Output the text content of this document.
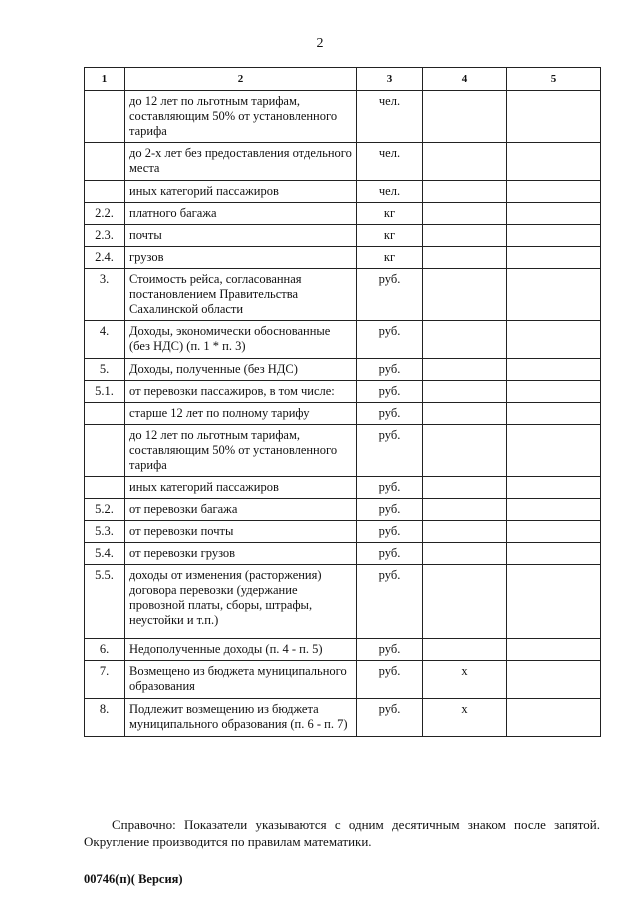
2
1	2	3	4	5
	до 12 лет по льготным тарифам, составляющим 50% от установленного тарифа	чел.		
	до 2-х лет без предоставления отдельного места	чел.		
	иных категорий пассажиров	чел.		
2.2.	платного багажа	кг		
2.3.	почты	кг		
2.4.	грузов	кг		
3.	Стоимость рейса, согласованная постановлением Правительства Сахалинской области	руб.		
4.	Доходы, экономически обоснованные (без НДС) (п. 1 * п. 3)	руб.		
5.	Доходы, полученные (без НДС)	руб.		
5.1.	от перевозки пассажиров, в том числе:	руб.		
	старше 12 лет по полному тарифу	руб.		
	до 12 лет по льготным тарифам, составляющим 50% от установленного тарифа	руб.		
	иных категорий пассажиров	руб.		
5.2.	от перевозки багажа	руб.		
5.3.	от перевозки почты	руб.		
5.4.	от перевозки грузов	руб.		
5.5.	доходы от изменения (расторжения) договора перевозки (удержание провозной платы, сборы, штрафы, неустойки и т.п.)	руб.		
6.	Недополученные доходы (п. 4 - п. 5)	руб.		
7.	Возмещено из бюджета муниципального образования	руб.	х	
8.	Подлежит возмещению из бюджета муниципального образования (п. 6 - п. 7)	руб.	х	
Справочно: Показатели указываются с одним десятичным знаком после запятой. Округление производится по правилам математики.
00746(п)( Версия)
